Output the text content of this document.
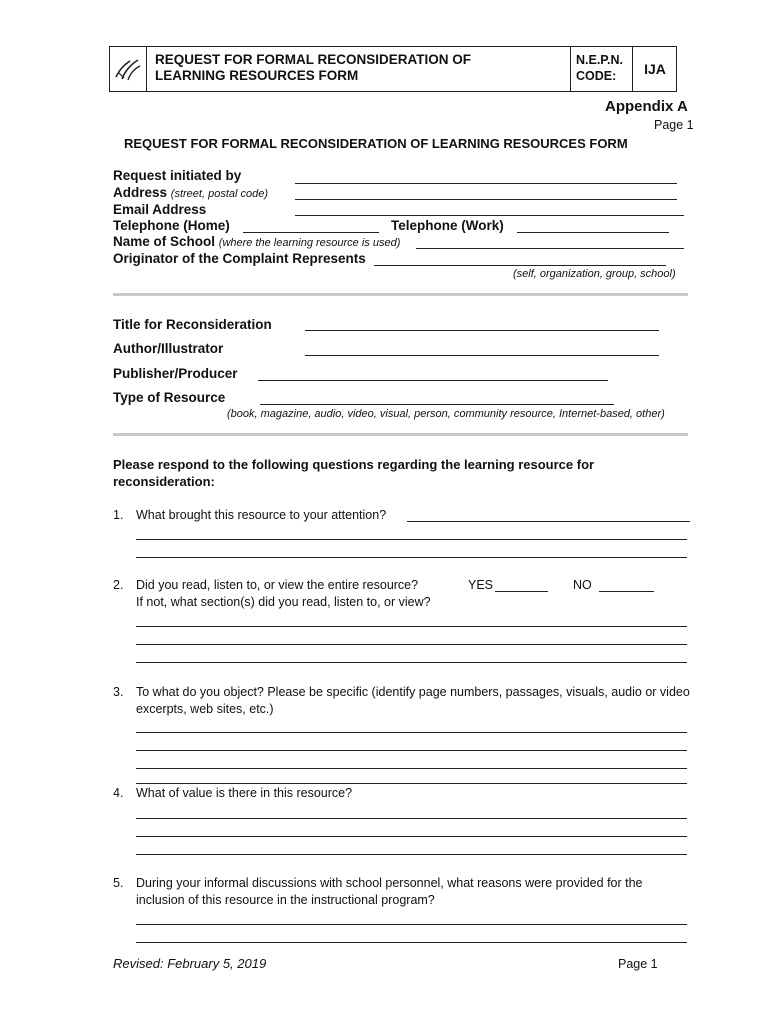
REQUEST FOR FORMAL RECONSIDERATION OF
LEARNING RESOURCES FORM
N.E.P.N.
CODE:	IJA
Appendix A
Page 1
REQUEST FOR FORMAL RECONSIDERATION OF LEARNING RESOURCES FORM
Request initiated by
Address (street, postal code)
Email Address
Telephone (Home)	Telephone (Work)
Name of School (where the learning resource is used)
Originator of the Complaint Represents
(self, organization, group, school)
Title for Reconsideration
Author/Illustrator
Publisher/Producer
Type of Resource
(book, magazine, audio, video, visual, person, community resource, Internet-based, other)
Please respond to the following questions regarding the learning resource for
reconsideration:
1. What brought this resource to your attention?
2. Did you read, listen to, or view the entire resource?	YES	NO
If not, what section(s) did you read, listen to, or view?
3. To what do you object? Please be specific (identify page numbers, passages, visuals, audio or video
excerpts, web sites, etc.)
4. What of value is there in this resource?
5. During your informal discussions with school personnel, what reasons were provided for the
inclusion of this resource in the instructional program?
Revised: February 5, 2019	Page 1
